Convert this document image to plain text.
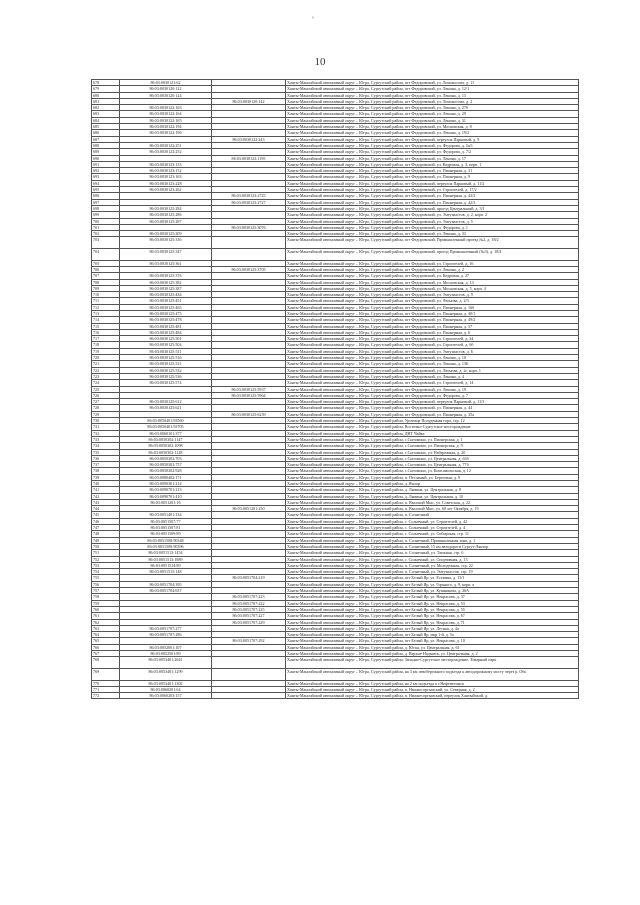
ᵛ
10
678	86:03:0030121:62		Ханты-Мансийский автономный округ – Югра, Сургутский район, пгт Федоровский, ул. Ломоносова, д. 11
679	86:03:0030120:122		Ханты-Мансийский автономный округ – Югра, Сургутский район, пгт Федоровский, ул. Ленина, д. 12/1
680	86:03:0030120:124		Ханты-Мансийский автономный округ – Югра, Сургутский район, пгт Федоровский, ул. Ленина, д. 13
681		86:03:0030120:142	Ханты-Мансийский автономный округ – Югра, Сургутский район, пгт Федоровский, ул. Ломоносова, д. 2
682	86:03:0030122:163		Ханты-Мансийский автономный округ – Югра, Сургутский район, пгт Федоровский, ул. Ленина, д. 27б
683	86:03:0030122:164		Ханты-Мансийский автономный округ – Югра, Сургутский район, пгт Федоровский, ул. Ленина, д. 29
684	86:03:0030122:165		Ханты-Мансийский автономный округ – Югра, Сургутский район, пгт Федоровский, ул. Ленина, д. 31
685	86:03:0030122:194		Ханты-Мансийский автономный округ – Югра, Сургутский район, пгт Федоровский, ул. Московская, д. 8
686	86:03:0030122:196		Ханты-Мансийский автономный округ – Югра, Сургутский район, пгт Федоровский, ул. Ленина, д. 19/2
687		86:03:0030122:243	Ханты-Мансийский автономный округ – Югра, Сургутский район, пгт Федоровский, переулок Парковый, д. 9
688	86:03:0030122:251		Ханты-Мансийский автономный округ – Югра, Сургутский район, пгт Федоровский, ул. Федорова, д. 5а/1
689	86:03:0030122:252		Ханты-Мансийский автономный округ – Югра, Сургутский район, пгт Федоровский, ул. Федорова, д. 7/2
690		86:03:0030123:1195	Ханты-Мансийский автономный округ – Югра, Сургутский район, пгт Федоровский, ул. Ленина, д. 17
691	86:03:0030123:133		Ханты-Мансийский автономный округ – Югра, Сургутский район, пгт Федоровский, ул. Кедровая, д. 3, корп. 1
692	86:03:0030123:152		Ханты-Мансийский автономный округ – Югра, Сургутский район, пгт Федоровский, ул. Пионерная, д. 31
693	86:03:0030123:163		Ханты-Мансийский автономный округ – Югра, Сургутский район, пгт Федоровский, ул. Пионерная, д. 9
694	86:03:0030123:228		Ханты-Мансийский автономный округ – Югра, Сургутский район, пгт Федоровский, переулок Парковый, д. 11/2
695	86:03:0030123:262		Ханты-Мансийский автономный округ – Югра, Сургутский район, пгт Федоровский, ул. Строителей, д. 17/2
696		86:03:0030123:2725	Ханты-Мансийский автономный округ – Югра, Сургутский район, пгт Федоровский, ул. Пионерная, д. 42/2
697		86:03:0030123:2727	Ханты-Мансийский автономный округ – Югра, Сургутский район, пгт Федоровский, ул. Пионерная, д. 42/3
698	86:03:0030125:284		Ханты-Мансийский автономный округ – Югра, Сургутский район, пгт Федоровский, проезд Центральный, д. 3/1
699	86:03:0030125:286		Ханты-Мансийский автономный округ – Югра, Сургутский район, пгт Федоровский, ул. Энтузиастов, д. 2, корп. 2
700	86:03:0030125:287		Ханты-Мансийский автономный округ – Югра, Сургутский район, пгт Федоровский, ул. Энтузиастов, д. 5
701		86:03:0030125:3076	Ханты-Мансийский автономный округ – Югра, Сургутский район, пгт Федоровский, ул. Федорова, д. 1
702	86:03:0030125:309		Ханты-Мансийский автономный округ – Югра, Сургутский район, пгт Федоровский, ул. Ленина, д. 33
703	86:03:0030125:336		Ханты-Мансийский автономный округ – Югра, Сургутский район, пгт Федоровский, Промышленный проезд №2, д. 18/2
704	86:03:0030125:347		Ханты-Мансийский автономный округ – Югра, Сургутский район, пгт Федоровский, проезд Промышленный (№3), д. 18/4
705	86:03:0030125:361		Ханты-Мансийский автономный округ – Югра, Сургутский район, пгт Федоровский, ул. Строителей, д. 16
706		86:03:0030125:3705	Ханты-Мансийский автономный округ – Югра, Сургутский район, пгт Федоровский, ул. Ленина, д. 2
707	86:03:0030125:376		Ханты-Мансийский автономный округ – Югра, Сургутский район, пгт Федоровский, ул. Кедровая, д. 27
708	86:03:0030125:382		Ханты-Мансийский автономный округ – Югра, Сургутский район, пгт Федоровский, ул. Московская, д. 13
709	86:03:0030125:387		Ханты-Мансийский автономный округ – Югра, Сургутский район, пгт Федоровский, ул. Московская, д. 5, корп. 4
710	86:03:0030125:434		Ханты-Мансийский автономный округ – Югра, Сургутский район, пгт Федоровский, ул. Энтузиастов, д. 9
711	86:03:0030125:451		Ханты-Мансийский автономный округ – Югра, Сургутский район, пгт Федоровский, ул. Леонова, д. 2/3
712	86:03:0030125:465		Ханты-Мансийский автономный округ – Югра, Сургутский район, пгт Федоровский, ул. Пионерная, д. 16б
713	86:03:0030125:475		Ханты-Мансийский автономный округ – Югра, Сургутский район, пгт Федоровский, ул. Пионерная, д. 40/1
714	86:03:0030125:478		Ханты-Мансийский автономный округ – Югра, Сургутский район, пгт Федоровский, ул. Пионерная, д. 49/2
715	86:03:0030125:481		Ханты-Мансийский автономный округ – Югра, Сургутский район, пгт Федоровский, ул. Пионерная, д. 57
716	86:03:0030125:484		Ханты-Мансийский автономный округ – Югра, Сургутский район, пгт Федоровский, ул. Пионерная, д. 6
717	86:03:0030125:501		Ханты-Мансийский автономный округ – Югра, Сургутский район, пгт Федоровский, ул. Строителей, д. 24
718	86:03:0030125:504		Ханты-Мансийский автономный округ – Югра, Сургутский район, пгт Федоровский, ул. Строителей, д. 6б
719	86:03:0030125:511		Ханты-Мансийский автономный округ – Югра, Сургутский район, пгт Федоровский, ул. Энтузиастов, д. 6
720	86:03:0030125:516		Ханты-Мансийский автономный округ – Югра, Сургутский район, пгт Федоровский, ул. Ленина, д. 10
721	86:03:0030125:521		Ханты-Мансийский автономный округ – Югра, Сургутский район, пгт Федоровский, ул. Ленина, д. 13Б
722	86:03:0030125:532		Ханты-Мансийский автономный округ – Югра, Сургутский район, пгт Федоровский, ул. Леонова, д. 2г, корп. 1
723	86:03:0030125:536		Ханты-Мансийский автономный округ – Югра, Сургутский район, пгт Федоровский, ул. Ленина, д. 4
724	86:03:0030125:574		Ханты-Мансийский автономный округ – Югра, Сургутский район, пгт Федоровский, ул. Строителей, д. 14
725		86:03:0030125:5937	Ханты-Мансийский автономный округ – Югра, Сургутский район, пгт Федоровский, ул. Ленина, д. 19
726		86:03:0030125:5964	Ханты-Мансийский автономный округ – Югра, Сургутский район, пгт Федоровский, ул. Федорова, д. 7
727	86:03:0030125:612		Ханты-Мансийский автономный округ – Югра, Сургутский район, пгт Федоровский, переулок Парковый, д. 11/3
728	86:03:0030125:621		Ханты-Мансийский автономный округ – Югра, Сургутский район, пгт Федоровский, ул. Пионерная, д. 44
729		86:03:0030125:6239	Ханты-Мансийский автономный округ – Югра, Сургутский район, пгт Федоровский, ул. Пионерная, д. 35а
730	86:03:0050401:93569		Ханты-Мансийский автономный округ – Югра, Сургутский район, Урочище Полуденная гора, стр. 12
731	86:03:0050401:93705		Ханты-Мансийский автономный округ – Югра, Сургутский район, Восточно-Сургутское месторождение
732	86:03:0060101:377		Ханты-Мансийский автономный округ – Югра, Сургутский район, ДНТ Чайка
733	86:03:0050302:1147		Ханты-Мансийский автономный округ – Югра, Сургутский район, с.Сытомино, ул. Пионерская, д. 1
734	86:03:0050302:1098		Ханты-Мансийский автономный округ – Югра, Сургутский район, с.Сытомино, ул. Пионерская, д. 9
735	86:03:0050302:1128		Ханты-Мансийский автономный округ – Югра, Сургутский район, с.Сытомино, ул. Набережная, д. 20
736	86:03:0050302:703		Ханты-Мансийский автономный округ – Югра, Сургутский район, с.Сытомино, ул. Центральная, д. 63б
737	86:03:0050302:757		Ханты-Мансийский автономный округ – Югра, Сургутский район, с.Сытомино, ул. Центральная, д. 77б
738	86:03:0050302:928		Ханты-Мансийский автономный округ – Югра, Сургутский район, с.Сытомино, ул. Комсомольская, д. 12
739	86:03:0080402:171		Ханты-Мансийский автономный округ – Югра, Сургутский район, п. Песчаный, ул. Береговая, д. 9
740	86:03:0090301:214		Ханты-Мансийский автономный округ – Югра, Сургутский район, д. Янлор
741	86:03:0090701:213		Ханты-Мансийский автономный округ – Югра, Сургутский район, д. Лямина, ул. Центральная, д. 8
742	86:03:0090701:410		Ханты-Мансийский автономный округ – Югра, Сургутский район, д. Лямина, ул. Центральная, д. 10
743	86:03:0051201:16		Ханты-Мансийский автономный округ – Югра, Сургутский район, п. Высокий Мыс, ул. Советская, д. 22
744		86:03:0051201:250	Ханты-Мансийский автономный округ – Югра, Сургутский район, п. Высокий Мыс, ул. 60 лет Октября, д. 19
745	86:03:0051401:134		Ханты-Мансийский автономный округ – Югра, Сургутский район, п. Солнечный
746	86:03:0051507:77		Ханты-Мансийский автономный округ – Югра, Сургутский район, с. Солнечный, ул. Строителей, д. 42
747	86:03:0051507:81		Ханты-Мансийский автономный округ – Югра, Сургутский район, с. Солнечный, ул. Строителей, д. 4
748	86:03:0051509:89		Ханты-Мансийский автономный округ – Югра, Сургутский район, с. Солнечный, ул. Сибирская, стр. 11
749	86:03:0051508:90348		Ханты-Мансийский автономный округ – Югра, Сургутский район, п. Солнечный, Промышленная зона, д. 1
750	86:03:0051508:90396		Ханты-Мансийский автономный округ – Югра, Сургутский район, п. Солнечный, 15 км автодороги Сургут-Лянтор
751	86:03:0051513:1454		Ханты-Мансийский автономный округ – Югра, Сургутский район, п. Солнечный, ул. Таежная, стр. 6
752	86:03:0051513:1889		Ханты-Мансийский автономный округ – Югра, Сургутский район, с. Солнечный, ул. Спортивная, д. 13
753	86:03:0051514:89		Ханты-Мансийский автономный округ – Югра, Сургутский район, п. Солнечный, ул. Молодежная, стр. 22
754	86:03:0051515:148		Ханты-Мансийский автономный округ – Югра, Сургутский район, п. Солнечный, ул. Энтузиастов, стр. 19
755		86:03:0051704:219	Ханты-Мансийский автономный округ – Югра, Сургутский район, пгт Белый Яр, ул. Есенина, д. 13/1
756	86:03:0051704:395		Ханты-Мансийский автономный округ – Югра, Сургутский район, пгт Белый Яр, ул. Горького, д. 9, корп. а
757	86:03:0051704:637		Ханты-Мансийский автономный округ – Югра, Сургутский район, пгт Белый Яр, ул. Кушникова, д. 26А
758		86:03:0051707:223	Ханты-Мансийский автономный округ – Югра, Сургутский район, пгт Белый Яр, ул. Некрасова, д. 37
759		86:03:0051707:222	Ханты-Мансийский автономный округ – Югра, Сургутский район, пгт Белый Яр, ул. Некрасова, д. 53
760		86:03:0051707:225	Ханты-Мансийский автономный округ – Югра, Сургутский район, пгт Белый Яр, ул. Некрасова, д. 55
761		86:03:0051707:227	Ханты-Мансийский автономный округ – Югра, Сургутский район, пгт Белый Яр, ул. Некрасова, д. 67
762		86:03:0051707:229	Ханты-Мансийский автономный округ – Югра, Сургутский район, пгт Белый Яр, ул. Некрасова, д. 71
763	86:03:0051707:277		Ханты-Мансийский автономный округ – Югра, Сургутский район, пгт Белый Яр, ул. Лесная, д. 4а
764	86:03:0051707:286		Ханты-Мансийский автономный округ – Югра, Сургутский район, пгт Белый Яр, мкр 1-й, д. 5а
765		86:03:0051707:292	Ханты-Мансийский автономный округ – Югра, Сургутский район, пгт Белый Яр, ул. Некрасова, д. 10
766	86:03:0052001:107		Ханты-Мансийский автономный округ – Югра, Сургутский район, д. Юган, ул. Центральная, д. 61
767	86:03:0052501:89		Ханты-Мансийский автономный округ – Югра, Сургутский район, д. Верхне-Надымск, ул. Центральная, д. 2
768	86:03:0053401:2641		Ханты-Мансийский автономный округ – Югра, Сургутский район, Западно-Сургутское месторождение, Товарный парк
769	86:03:0053401:1299		Ханты-Мансийский автономный округ – Югра, Сургутский район, на 3 км левобережного подъезда к автодорожному мосту через р. Обь
770	86:03:0053401:1302		Ханты-Мансийский автономный округ – Югра, Сургутский район, на 2 км подъезда к г.Нефтеюганск
771	86:03:0060201:64		Ханты-Мансийский автономный округ – Югра, Сургутский район, п. Нижнесортымский, ул. Северная, д. 2
772	86:03:0060203:157		Ханты-Мансийский автономный округ – Югра, Сургутский район, п. Нижнесортымский, переулок Хантыйский, д.
